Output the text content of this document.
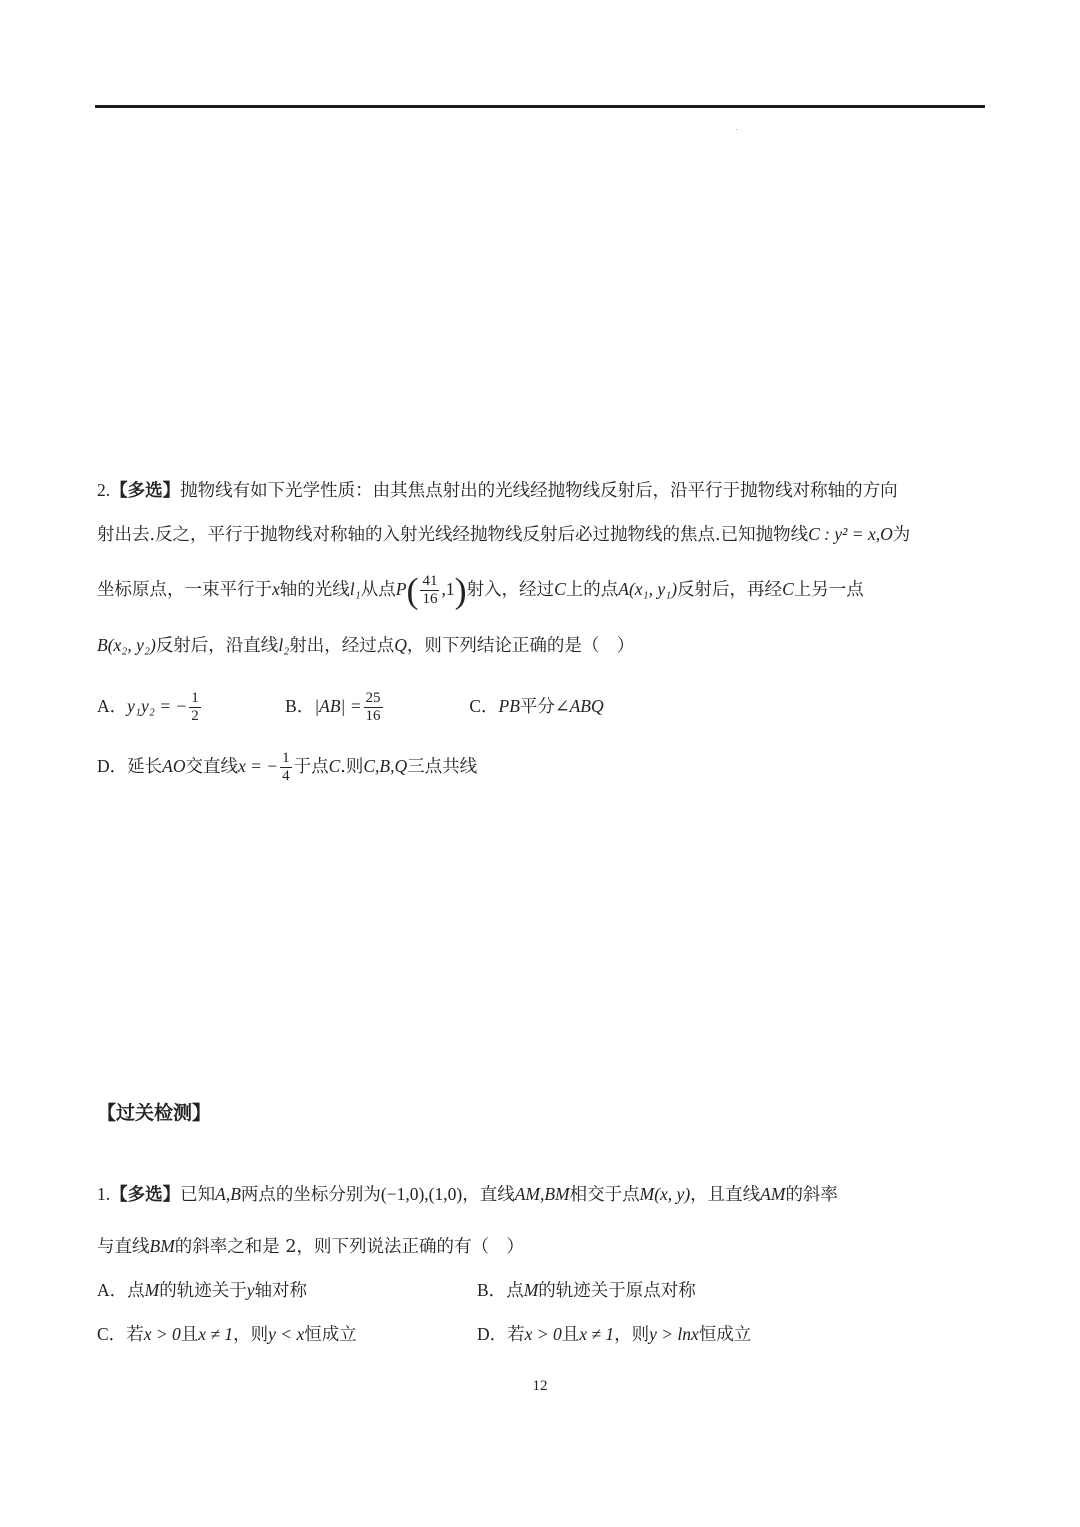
.
2.【多选】抛物线有如下光学性质：由其焦点射出的光线经抛物线反射后，沿平行于抛物线对称轴的方向
射出去.反之，平行于抛物线对称轴的入射光线经抛物线反射后必过抛物线的焦点.已知抛物线C : y² = x,O为
坐标原点，一束平行于x轴的光线l₁从点$P( \frac{41}{16} ,1)$射入，经过C上的点A(x₁, y₁)反射后，再经C上另一点
B(x₂, y₂)反射后，沿直线l₂射出，经过点Q，则下列结论正确的是（　）
A．y₁y₂ = − $\frac{1}{2}$	B．$|AB| = \frac{25}{16}$	C．PB平分∠ABQ
D．延长AO交直线x = − $\frac{1}{4}$ 于点C.则C,B,Q三点共线
【过关检测】
1.【多选】已知A,B两点的坐标分别为(−1,0),(1,0)，直线AM,BM相交于点M(x, y)，且直线AM的斜率
与直线BM的斜率之和是 2，则下列说法正确的有（　）
A．点M的轨迹关于y轴对称	B．点M的轨迹关于原点对称
C．若x > 0且x ≠ 1，则y < x恒成立	D．若x > 0且x ≠ 1，则y > lnx恒成立
12
